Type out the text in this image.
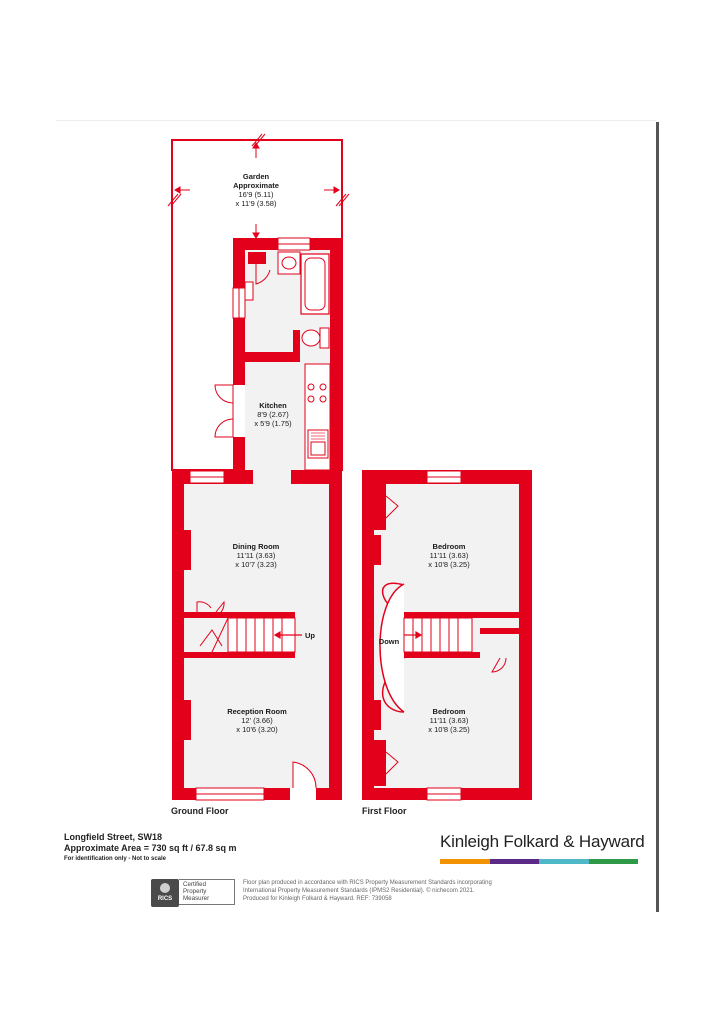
Garden
Approximate
16'9 (5.11)
x 11'9 (3.58)
Kitchen
8'9 (2.67)
x 5'9 (1.75)
Dining Room
11'11 (3.63)
x 10'7 (3.23)
Reception Room
12' (3.66)
x 10'6 (3.20)
Bedroom
11'11 (3.63)
x 10'8 (3.25)
Bedroom
11'11 (3.63)
x 10'8 (3.25)
Up
Down
Ground Floor	First Floor
Longfield Street, SW18
Approximate Area = 730 sq ft / 67.8 sq m
For identification only - Not to scale
Kinleigh Folkard & Hayward
RICS
Certified
Property
Measurer
Floor plan produced in accordance with RICS Property Measurement Standards incorporating
International Property Measurement Standards (IPMS2 Residential). © nichecom 2021.
Produced for Kinleigh Folkard & Hayward. REF: 739058
